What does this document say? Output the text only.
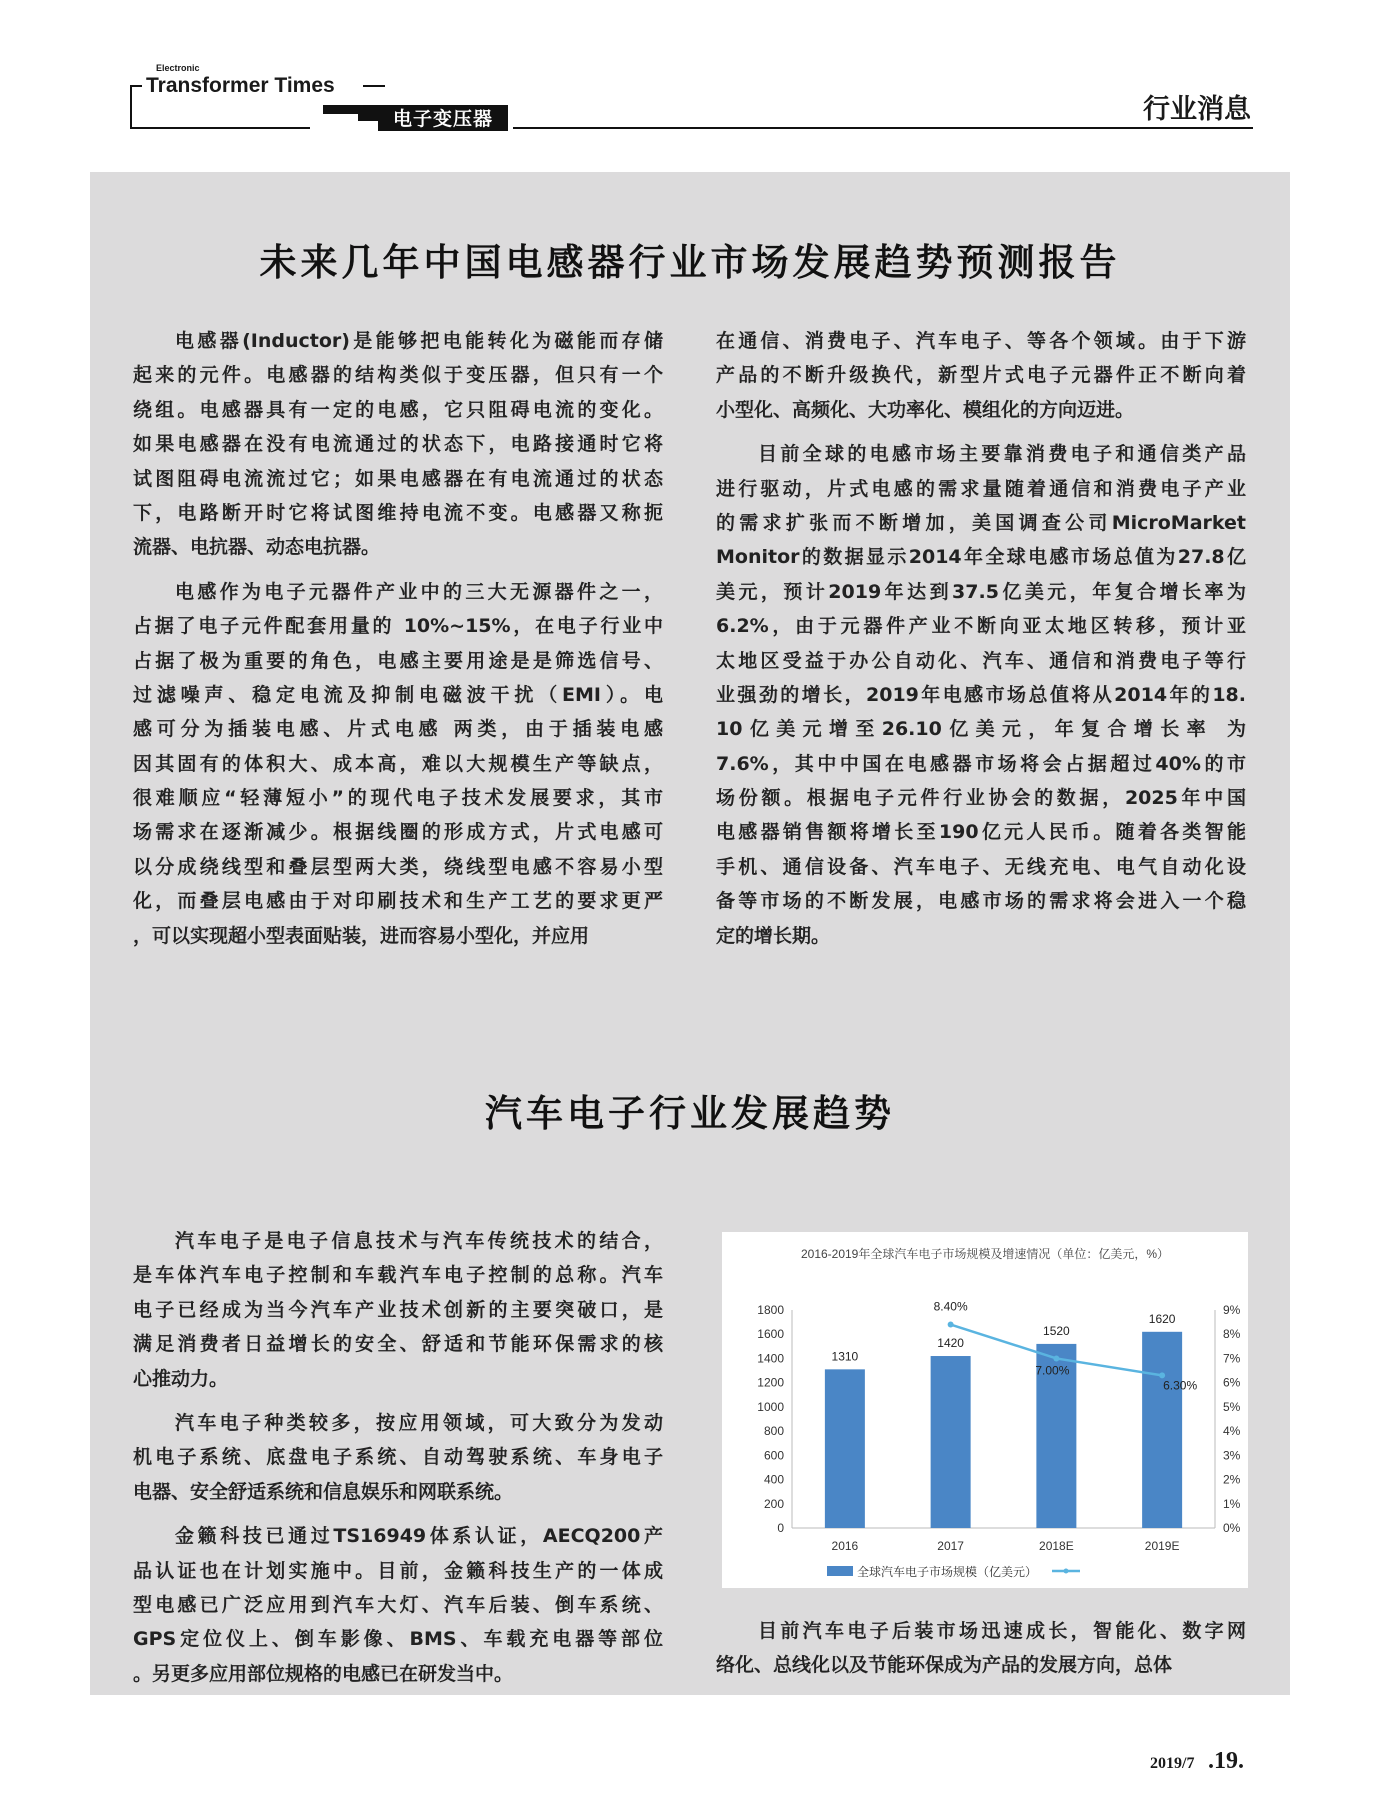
Electronic
Transformer Times
电子变压器	行业消息
未来几年中国电感器行业市场发展趋势预测报告
电感器(Inductor)是能够把电能转化为磁能而存储
起来的元件。电感器的结构类似于变压器，但只有一个
绕组。电感器具有一定的电感，它只阻碍电流的变化。
如果电感器在没有电流通过的状态下，电路接通时它将
试图阻碍电流流过它；如果电感器在有电流通过的状态
下，电路断开时它将试图维持电流不变。电感器又称扼
流器、电抗器、动态电抗器。
电感作为电子元器件产业中的三大无源器件之一，
占据了电子元件配套用量的 10%~15%，在电子行业中
占据了极为重要的角色，电感主要用途是是筛选信号、
过滤噪声、稳定电流及抑制电磁波干扰（EMI）。电
感可分为插装电感、片式电感 两类，由于插装电感
因其固有的体积大、成本高，难以大规模生产等缺点，
很难顺应“轻薄短小”的现代电子技术发展要求，其市
场需求在逐渐减少。根据线圈的形成方式，片式电感可
以分成绕线型和叠层型两大类，绕线型电感不容易小型
化，而叠层电感由于对印刷技术和生产工艺的要求更严
，可以实现超小型表面贴装，进而容易小型化，并应用
在通信、消费电子、汽车电子、等各个领域。由于下游
产品的不断升级换代，新型片式电子元器件正不断向着
小型化、高频化、大功率化、模组化的方向迈进。
目前全球的电感市场主要靠消费电子和通信类产品
进行驱动，片式电感的需求量随着通信和消费电子产业
的需求扩张而不断增加，美国调查公司MicroMarket
Monitor的数据显示2014年全球电感市场总值为27.8亿
美元，预计2019年达到37.5亿美元，年复合增长率为
6.2%，由于元器件产业不断向亚太地区转移，预计亚
太地区受益于办公自动化、汽车、通信和消费电子等行
业强劲的增长，2019年电感市场总值将从2014年的18.
10亿美元增至26.10亿美元，年复合增长率 为
7.6%，其中中国在电感器市场将会占据超过40%的市
场份额。根据电子元件行业协会的数据，2025年中国
电感器销售额将增长至190亿元人民币。随着各类智能
手机、通信设备、汽车电子、无线充电、电气自动化设
备等市场的不断发展，电感市场的需求将会进入一个稳
定的增长期。
汽车电子行业发展趋势
汽车电子是电子信息技术与汽车传统技术的结合，
是车体汽车电子控制和车载汽车电子控制的总称。汽车
电子已经成为当今汽车产业技术创新的主要突破口，是
满足消费者日益增长的安全、舒适和节能环保需求的核
心推动力。
汽车电子种类较多，按应用领域，可大致分为发动
机电子系统、底盘电子系统、自动驾驶系统、车身电子
电器、安全舒适系统和信息娱乐和网联系统。
金籁科技已通过TS16949体系认证，AECQ200产
品认证也在计划实施中。目前，金籁科技生产的一体成
型电感已广泛应用到汽车大灯、汽车后装、倒车系统、
GPS定位仪上、倒车影像、BMS、车载充电器等部位
。另更多应用部位规格的电感已在研发当中。
2016-2019年全球汽车电子市场规模及增速情况（单位：亿美元，%）
0
200
400
600
800
1000
1200
1400
1600
1800
0%
1%
2%
3%
4%
5%
6%
7%
8%
9%
2016
1310
2017
1420
2018E
1520
2019E
1620
8.40%
7.00%
6.30%
全球汽车电子市场规模（亿美元）
目前汽车电子后装市场迅速成长，智能化、数字网
络化、总线化以及节能环保成为产品的发展方向，总体
2019/7 .19.
